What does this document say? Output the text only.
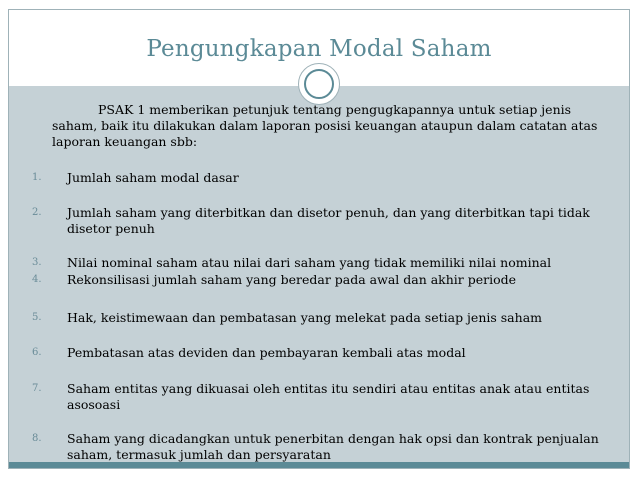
Pengungkapan Modal Saham
PSAK 1 memberikan petunjuk tentang pengugkapannya untuk setiap jenis saham, baik itu dilakukan dalam laporan posisi keuangan ataupun dalam catatan atas laporan keuangan sbb:
1. Jumlah saham modal dasar
2. Jumlah saham yang diterbitkan dan disetor penuh, dan yang diterbitkan tapi tidak disetor penuh
3. Nilai nominal saham atau nilai dari saham yang tidak memiliki nilai nominal
4. Rekonsilisasi jumlah saham yang beredar pada awal dan akhir periode
5. Hak, keistimewaan dan pembatasan yang melekat pada setiap jenis saham
6. Pembatasan atas deviden dan pembayaran kembali atas modal
7. Saham entitas yang dikuasai oleh entitas itu sendiri atau entitas anak atau entitas asosoasi
8. Saham yang dicadangkan untuk penerbitan dengan hak opsi dan kontrak penjualan saham, termasuk jumlah dan persyaratan
